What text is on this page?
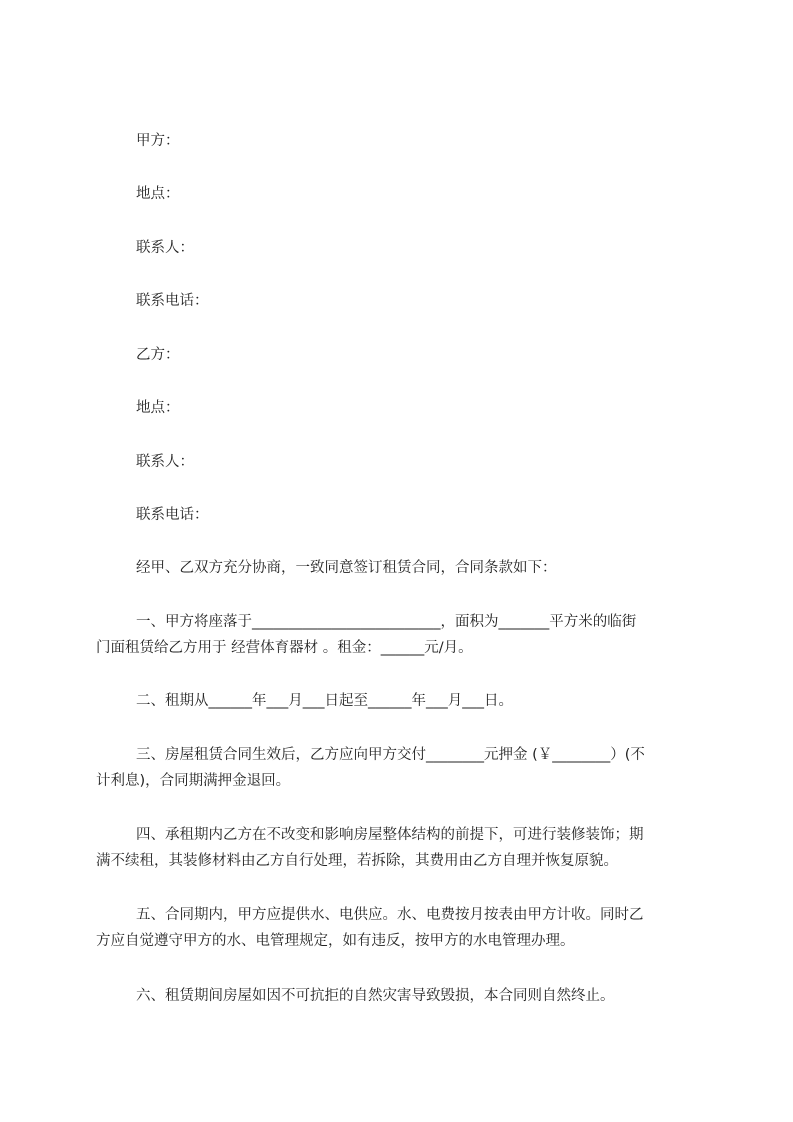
甲方：

地点：

联系人：

联系电话：

乙方：

地点：

联系人：

联系电话：

经甲、乙双方充分协商，一致同意签订租赁合同，合同条款如下：

一、甲方将座落于__________________________，面积为_______平方米的临街
门面租赁给乙方用于 经营体育器材 。租金：______元/月。
二、租期从______年___月___日起至______年___月___日。
三、房屋租赁合同生效后，乙方应向甲方交付________元押金 (￥________）(不
计利息)，合同期满押金退回。
四、承租期内乙方在不改变和影响房屋整体结构的前提下，可进行装修装饰；期
满不续租，其装修材料由乙方自行处理，若拆除，其费用由乙方自理并恢复原貌。
五、合同期内，甲方应提供水、电供应。水、电费按月按表由甲方计收。同时乙
方应自觉遵守甲方的水、电管理规定，如有违反，按甲方的水电管理办理。
六、租赁期间房屋如因不可抗拒的自然灾害导致毁损，本合同则自然终止。
